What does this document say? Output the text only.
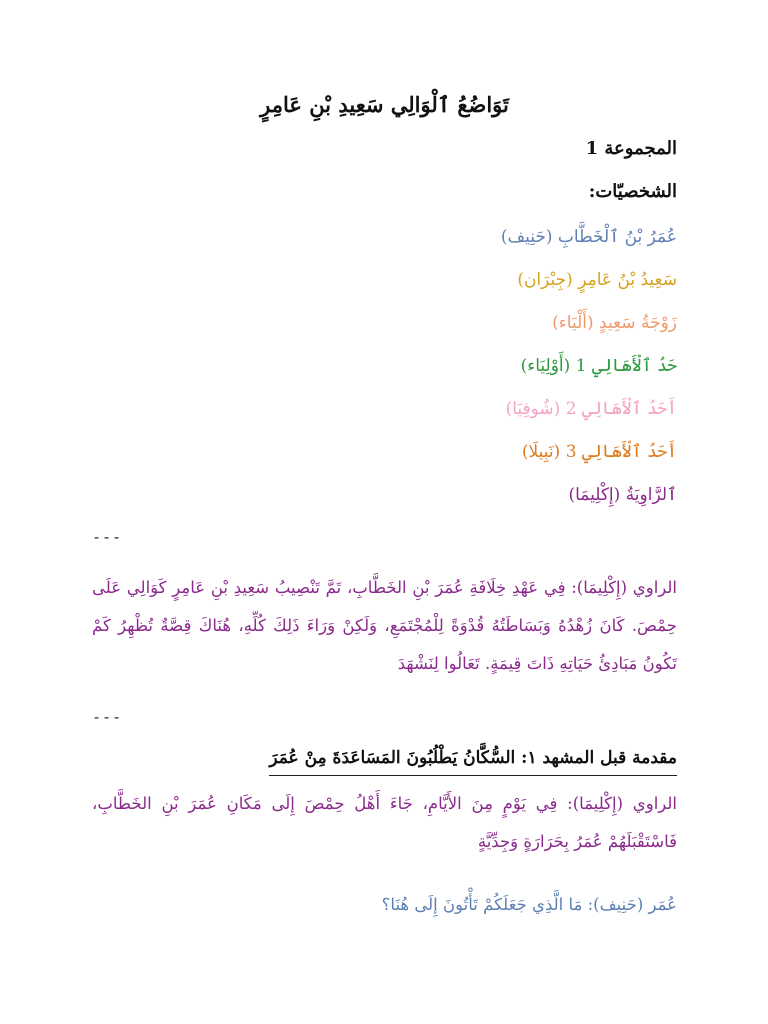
تَوَاضُعُ ٱلْوَالِي سَعِيدِ بْنِ عَامِرٍ
المجموعة 1
الشخصيّات:
عُمَرُ بْنُ ٱلْخَطَّابِ (حَنِيف)
سَعِيدُ بْنُ عَامِرٍ (جِبْرَان)
زَوْجَةُ سَعِيدٍ (أَلْيَاء)
حَدُ ٱلْأَهَالِي 1 (أَوْلِيَاء)
أَحَدُ ٱلْأَهَالِي 2 (شُوفِيَا)
أَحَدُ ٱلْأَهَالِي 3 (نَبِيلَا)
ٱلرَّاوِيَةُ (إِكْلِيمَا)

---

الراوي (إِكْلِيمَا): فِي عَهْدِ خِلَافَةِ عُمَرَ بْنِ الخَطَّابِ، تَمَّ تَنْصِيبُ سَعِيدِ بْنِ عَامِرٍ كَوَالِي عَلَى حِمْصَ. كَانَ زُهْدُهُ وَبَسَاطَتُهُ قُدْوَةً لِلْمُجْتَمَعِ، وَلَكِنْ وَرَاءَ ذَلِكَ كُلِّهِ، هُنَاكَ قِصَّةٌ تُظْهِرُ كَمْ تَكُونُ مَبَادِئُ حَيَاتِهِ ذَاتَ قِيمَةٍ. تَعَالُوا لِنَشْهَدَ

---

مقدمة قبل المشهد ١: السُّكَّانُ يَطْلُبُونَ المَسَاعَدَةَ مِنْ عُمَرَ

الراوي (إِكْلِيمَا): فِي يَوْمٍ مِنَ الأَيَّامِ، جَاءَ أَهْلُ حِمْصَ إِلَى مَكَانِ عُمَرَ بْنِ الخَطَّابِ، فَاسْتَقْبَلَهُمْ عُمَرُ بِحَرَارَةٍ وَجِدِّيَّةٍ

عُمَر (حَنِيف): مَا الَّذِي جَعَلَكُمْ تَأْتُونَ إِلَى هُنَا؟
